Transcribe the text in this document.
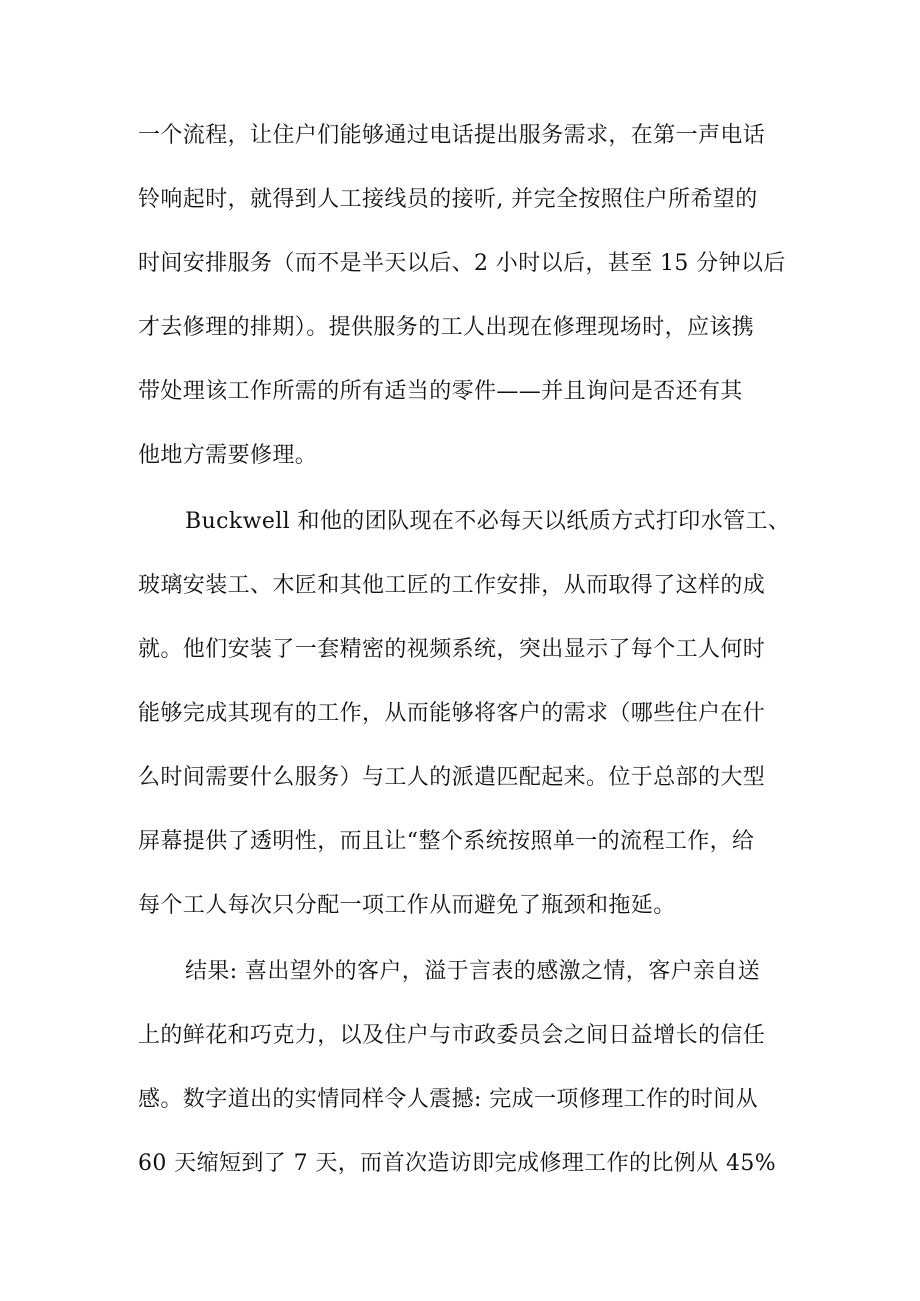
一个流程，让住户们能够通过电话提出服务需求，在第一声电话
铃响起时，就得到人工接线员的接听, 并完全按照住户所希望的
时间安排服务（而不是半天以后、2 小时以后，甚至 15 分钟以后
才去修理的排期）。提供服务的工人出现在修理现场时，应该携
带处理该工作所需的所有适当的零件——并且询问是否还有其
他地方需要修理。
Buckwell 和他的团队现在不必每天以纸质方式打印水管工、
玻璃安装工、木匠和其他工匠的工作安排，从而取得了这样的成
就。他们安装了一套精密的视频系统，突出显示了每个工人何时
能够完成其现有的工作，从而能够将客户的需求（哪些住户在什
么时间需要什么服务）与工人的派遣匹配起来。位于总部的大型
屏幕提供了透明性，而且让“整个系统按照单一的流程工作，给
每个工人每次只分配一项工作从而避免了瓶颈和拖延。
结果: 喜出望外的客户，溢于言表的感激之情，客户亲自送
上的鲜花和巧克力，以及住户与市政委员会之间日益增长的信任
感。数字道出的实情同样令人震撼: 完成一项修理工作的时间从
60 天缩短到了 7 天，而首次造访即完成修理工作的比例从 45%
